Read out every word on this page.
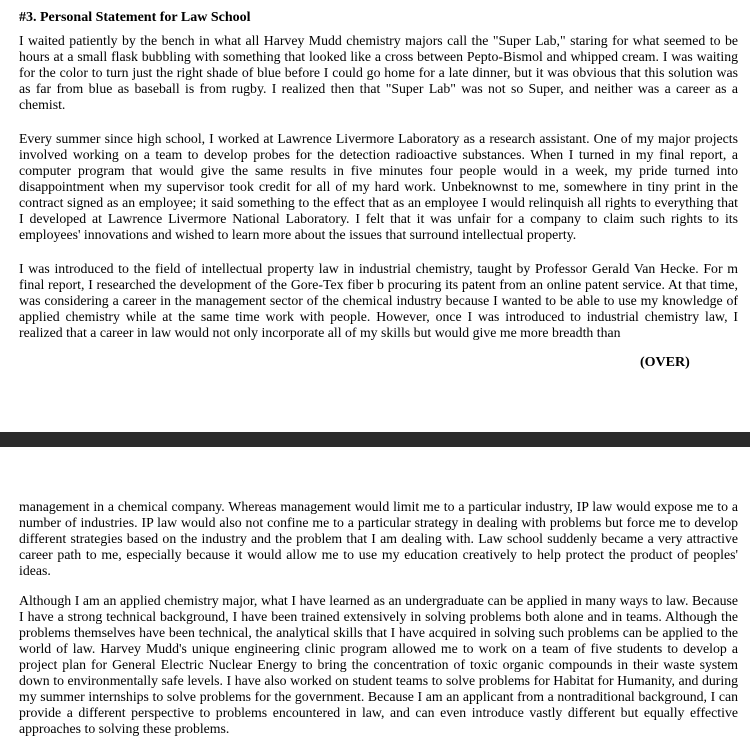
#3. Personal Statement for Law School

I waited patiently by the bench in what all Harvey Mudd chemistry majors call the "Super Lab," staring for what seemed to be hours at a small flask bubbling with something that looked like a cross between Pepto-Bismol and whipped cream. I was waiting for the color to turn just the right shade of blue before I could go home for a late dinner, but it was obvious that this solution was as far from blue as baseball is from rugby. I realized then that "Super Lab" was not so Super, and neither was a career as a chemist.

Every summer since high school, I worked at Lawrence Livermore Laboratory as a research assistant. One of my major projects involved working on a team to develop probes for the detection radioactive substances. When I turned in my final report, a computer program that would give the same results in five minutes four people would in a week, my pride turned into disappointment when my supervisor took credit for all of my hard work. Unbeknownst to me, somewhere in tiny print in the contract signed as an employee; it said something to the effect that as an employee I would relinquish all rights to everything that I developed at Lawrence Livermore National Laboratory. I felt that it was unfair for a company to claim such rights to its employees' innovations and wished to learn more about the issues that surround intellectual property.

I was introduced to the field of intellectual property law in industrial chemistry, taught by Professor Gerald Van Hecke. For m final report, I researched the development of the Gore-Tex fiber b procuring its patent from an online patent service. At that time, was considering a career in the management sector of the chemical industry because I wanted to be able to use my knowledge of applied chemistry while at the same time work with people. However, once I was introduced to industrial chemistry law, I realized that a career in law would not only incorporate all of my skills but would give me more breadth than

(OVER)

management in a chemical company. Whereas management would limit me to a particular industry, IP law would expose me to a number of industries. IP law would also not confine me to a particular strategy in dealing with problems but force me to develop different strategies based on the industry and the problem that I am dealing with. Law school suddenly became a very attractive career path to me, especially because it would allow me to use my education creatively to help protect the product of peoples' ideas.

Although I am an applied chemistry major, what I have learned as an undergraduate can be applied in many ways to law. Because I have a strong technical background, I have been trained extensively in solving problems both alone and in teams. Although the problems themselves have been technical, the analytical skills that I have acquired in solving such problems can be applied to the world of law. Harvey Mudd's unique engineering clinic program allowed me to work on a team of five students to develop a project plan for General Electric Nuclear Energy to bring the concentration of toxic organic compounds in their waste system down to environmentally safe levels. I have also worked on student teams to solve problems for Habitat for Humanity, and during my summer internships to solve problems for the government. Because I am an applicant from a nontraditional background, I can provide a different perspective to problems encountered in law, and can even introduce vastly different but equally effective approaches to solving these problems.
